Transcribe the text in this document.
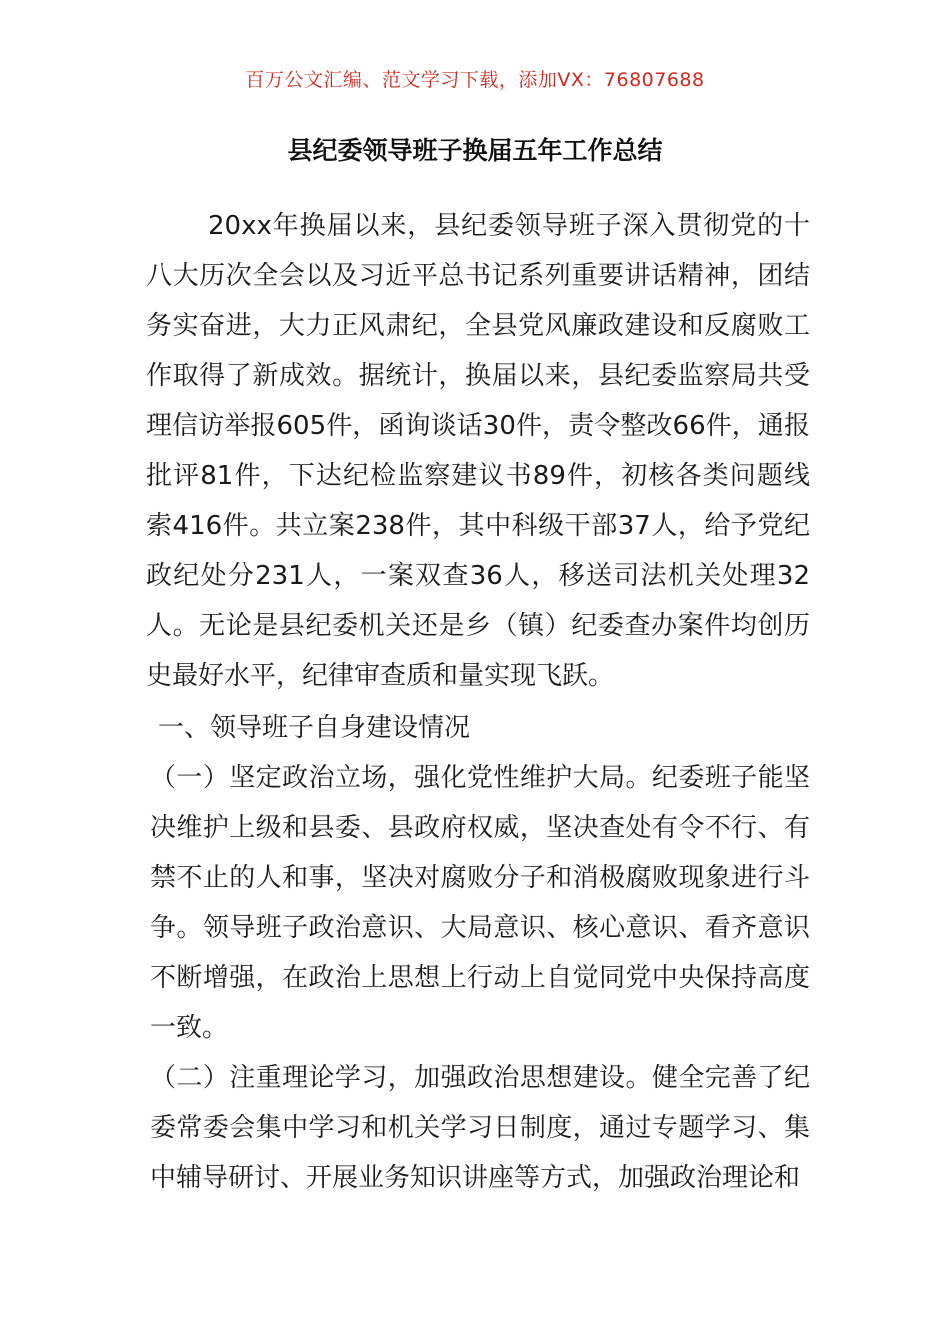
百万公文汇编、范文学习下载，添加VX：76807688
县纪委领导班子换届五年工作总结

20xx年换届以来，县纪委领导班子深入贯彻党的十八大历次全会以及习近平总书记系列重要讲话精神，团结务实奋进，大力正风肃纪，全县党风廉政建设和反腐败工作取得了新成效。据统计，换届以来，县纪委监察局共受理信访举报605件，函询谈话30件，责令整改66件，通报批评81件，下达纪检监察建议书89件，初核各类问题线索416件。共立案238件，其中科级干部37人，给予党纪政纪处分231人，一案双查36人，移送司法机关处理32人。无论是县纪委机关还是乡（镇）纪委查办案件均创历史最好水平，纪律审查质和量实现飞跃。

一、领导班子自身建设情况

（一）坚定政治立场，强化党性维护大局。纪委班子能坚决维护上级和县委、县政府权威，坚决查处有令不行、有禁不止的人和事，坚决对腐败分子和消极腐败现象进行斗争。领导班子政治意识、大局意识、核心意识、看齐意识不断增强，在政治上思想上行动上自觉同党中央保持高度一致。

（二）注重理论学习，加强政治思想建设。健全完善了纪委常委会集中学习和机关学习日制度，通过专题学习、集中辅导研讨、开展业务知识讲座等方式，加强政治理论和
